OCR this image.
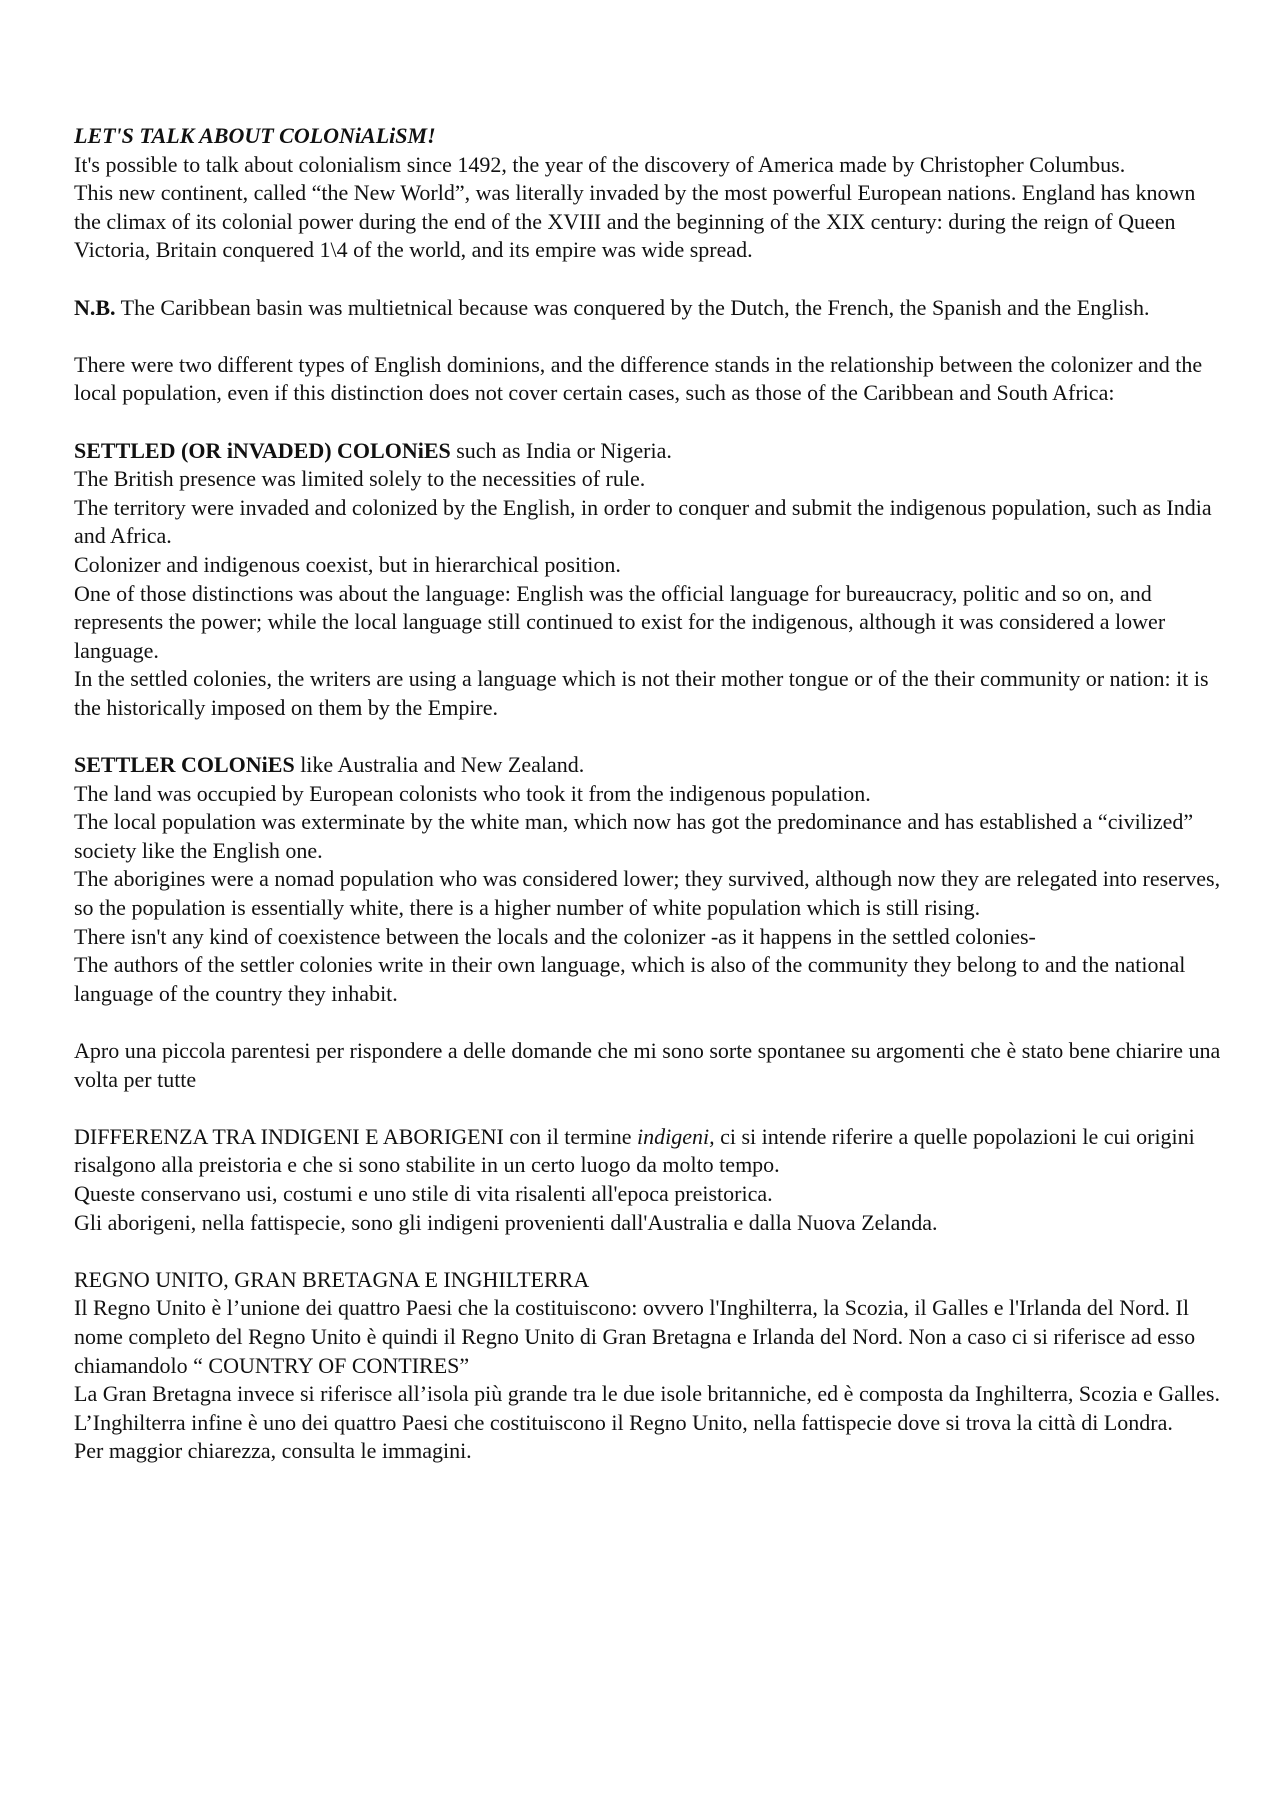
LET'S TALK ABOUT COLONiALiSM!

It's possible to talk about colonialism since 1492, the year of the discovery of America made by Christopher Columbus.

This new continent, called “the New World”, was literally invaded by the most powerful European nations. England has known the climax of its colonial power during the end of the XVIII and the beginning of the XIX century: during the reign of Queen Victoria, Britain conquered 1\4 of the world, and its empire was wide spread.

N.B. The Caribbean basin was multietnical because was conquered by the Dutch, the French, the Spanish and the English.

There were two different types of English dominions, and the difference stands in the relationship between the colonizer and the local population, even if this distinction does not cover certain cases, such as those of the Caribbean and South Africa:

SETTLED (OR iNVADED) COLONiES such as India or Nigeria.

The British presence was limited solely to the necessities of rule.

The territory were invaded and colonized by the English, in order to conquer and submit the indigenous population, such as India and Africa.

Colonizer and indigenous coexist, but in hierarchical position.

One of those distinctions was about the language: English was the official language for bureaucracy, politic and so on, and represents the power; while the local language still continued to exist for the indigenous, although it was considered a lower language.

In the settled colonies, the writers are using a language which is not their mother tongue or of the their community or nation: it is the historically imposed on them by the Empire.

SETTLER COLONiES like Australia and New Zealand.

The land was occupied by European colonists who took it from the indigenous population.

The local population was exterminate by the white man, which now has got the predominance and has established a “civilized” society like the English one.

The aborigines were a nomad population who was considered lower; they survived, although now they are relegated into reserves, so the population is essentially white, there is a higher number of white population which is still rising.

There isn't any kind of coexistence between the locals and the colonizer -as it happens in the settled colonies-

The authors of the settler colonies write in their own language, which is also of the community they belong to and the national language of the country they inhabit.

Apro una piccola parentesi per rispondere a delle domande che mi sono sorte spontanee su argomenti che è stato bene chiarire una volta per tutte

DIFFERENZA TRA INDIGENI E ABORIGENI con il termine indigeni, ci si intende riferire a quelle popolazioni le cui origini risalgono alla preistoria e che si sono stabilite in un certo luogo da molto tempo.

Queste conservano usi, costumi e uno stile di vita risalenti all'epoca preistorica.

Gli aborigeni, nella fattispecie, sono gli indigeni provenienti dall'Australia e dalla Nuova Zelanda.

REGNO UNITO, GRAN BRETAGNA E INGHILTERRA

Il Regno Unito è l’unione dei quattro Paesi che la costituiscono: ovvero l'Inghilterra, la Scozia, il Galles e l'Irlanda del Nord. Il nome completo del Regno Unito è quindi il Regno Unito di Gran Bretagna e Irlanda del Nord. Non a caso ci si riferisce ad esso chiamandolo “ COUNTRY OF CONTIRES”

La Gran Bretagna invece si riferisce all’isola più grande tra le due isole britanniche, ed è composta da Inghilterra, Scozia e Galles.

L’Inghilterra infine è uno dei quattro Paesi che costituiscono il Regno Unito, nella fattispecie dove si trova la città di Londra.

Per maggior chiarezza, consulta le immagini.
